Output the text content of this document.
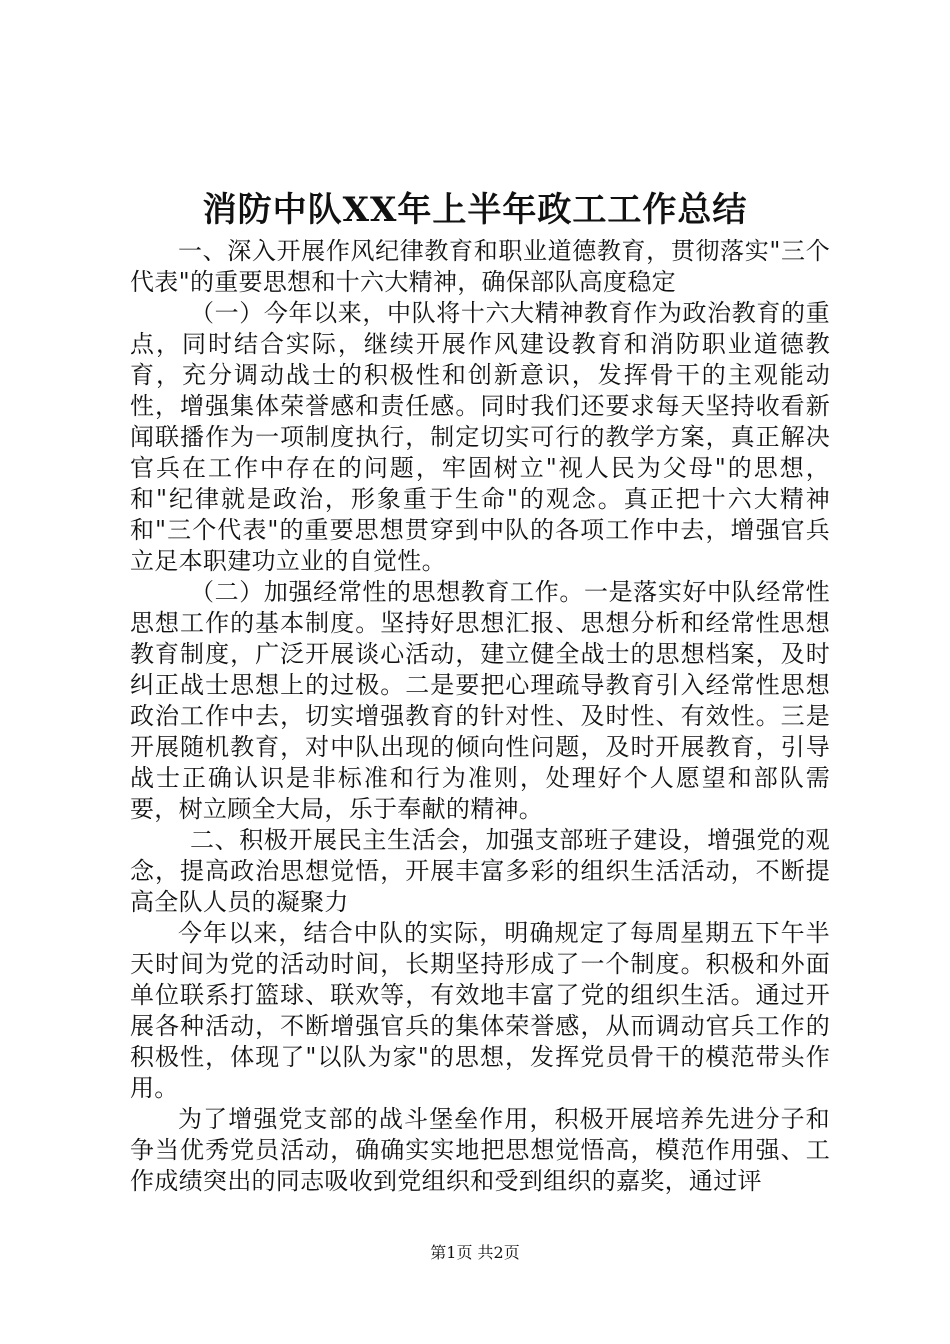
消防中队XX年上半年政工工作总结

一、深入开展作风纪律教育和职业道德教育，贯彻落实"三个代表"的重要思想和十六大精神，确保部队高度稳定

（一）今年以来，中队将十六大精神教育作为政治教育的重点，同时结合实际，继续开展作风建设教育和消防职业道德教育，充分调动战士的积极性和创新意识，发挥骨干的主观能动性，增强集体荣誉感和责任感。同时我们还要求每天坚持收看新闻联播作为一项制度执行，制定切实可行的教学方案，真正解决官兵在工作中存在的问题，牢固树立"视人民为父母"的思想，和"纪律就是政治，形象重于生命"的观念。真正把十六大精神和"三个代表"的重要思想贯穿到中队的各项工作中去，增强官兵立足本职建功立业的自觉性。

（二）加强经常性的思想教育工作。一是落实好中队经常性思想工作的基本制度。坚持好思想汇报、思想分析和经常性思想教育制度，广泛开展谈心活动，建立健全战士的思想档案，及时纠正战士思想上的过极。二是要把心理疏导教育引入经常性思想政治工作中去，切实增强教育的针对性、及时性、有效性。三是开展随机教育，对中队出现的倾向性问题，及时开展教育，引导战士正确认识是非标准和行为准则，处理好个人愿望和部队需要，树立顾全大局，乐于奉献的精神。

二、积极开展民主生活会，加强支部班子建设，增强党的观念，提高政治思想觉悟，开展丰富多彩的组织生活活动，不断提高全队人员的凝聚力

今年以来，结合中队的实际，明确规定了每周星期五下午半天时间为党的活动时间，长期坚持形成了一个制度。积极和外面单位联系打篮球、联欢等，有效地丰富了党的组织生活。通过开展各种活动，不断增强官兵的集体荣誉感，从而调动官兵工作的积极性，体现了"以队为家"的思想，发挥党员骨干的模范带头作用。

为了增强党支部的战斗堡垒作用，积极开展培养先进分子和争当优秀党员活动，确确实实地把思想觉悟高，模范作用强、工作成绩突出的同志吸收到党组织和受到组织的嘉奖，通过评

第1页 共2页
